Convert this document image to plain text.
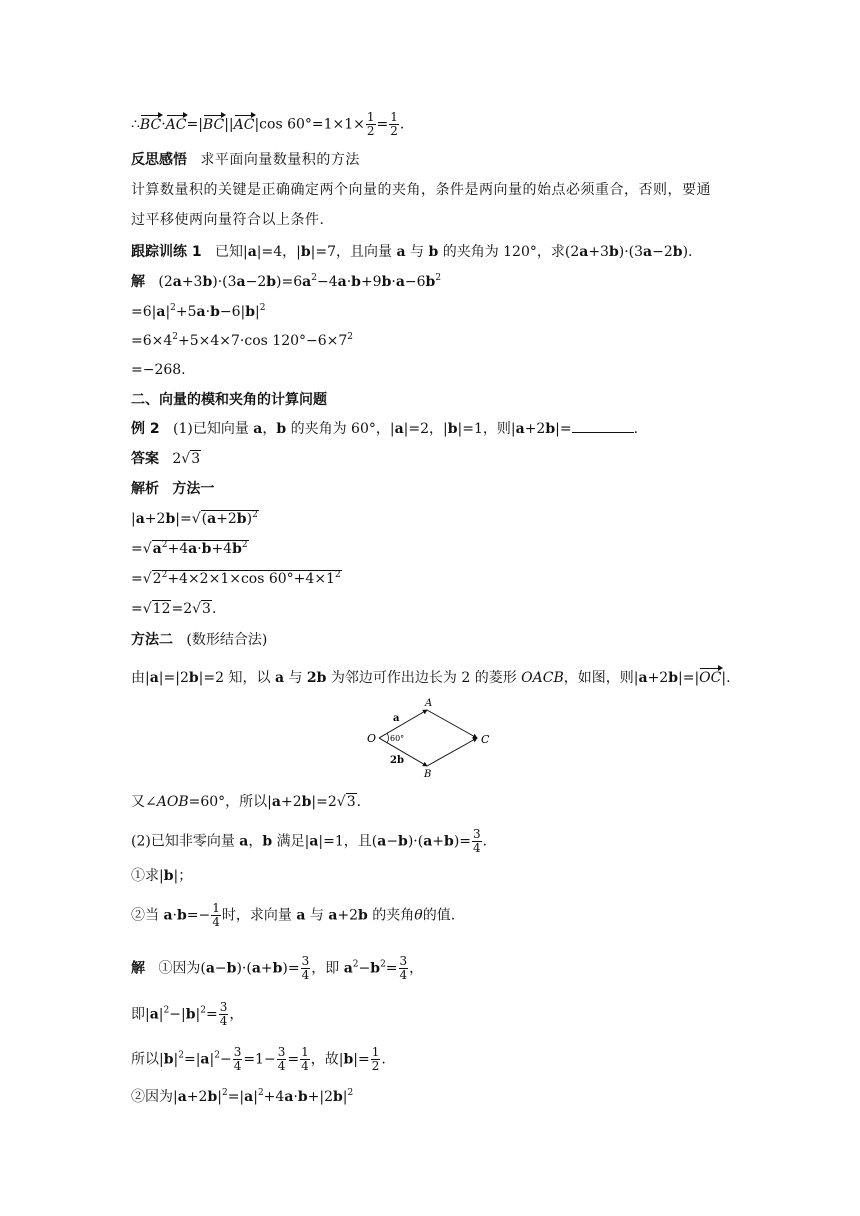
∴BC·AC=|BC||AC|cos $60^\circ=1\times 1\times \frac{1}{2} = \frac{1}{2}$ .
反思感悟 求平面向量数量积的方法
计算数量积的关键是正确确定两个向量的夹角，条件是两向量的始点必须重合，否则，要通
过平移使两向量符合以上条件.
跟踪训练 1 已知|a|=4，|b|=7，且向量 a 与 b 的夹角为 120°，求(2a+3b)·(3a−2b).
解 $(2a+3b)\cdot(3a-2b)=6a^2-4a\cdot b+9b\cdot a-6b^2$
$=6|a|^2+5a\cdot b-6|b|^2$
$=6\times 4^2+5\times 4\times 7\cdot\cos$ $120^\circ-6\times 7^2$
=−268.
二、向量的模和夹角的计算问题
例 2 (1)已知向量 a，b 的夹角为 60°，|a|=2，|b|=1，则|a+2b|=	.
答案 2√3
解析 方法一
$|a+2b|=√(a+2b)^2$
$=√a^2+4a\cdot b+4b^2$
$=√2^2+4\times 2\times 1\times\cos$ $60^\circ+4\times 1^2$
=√12=2√3.
方法二 (数形结合法)
由|a|=|2b|=2 知，以 a 与 2b 为邻边可作出边长为 2 的菱形 OACB，如图，则|a+2b|=|OC|.
O
A
B
C
a
2b
60°
又∠AOB=60°，所以|a+2b|=2√3.
(2)已知非零向量 a，b 满足|a|=1，且$(a-b)\cdot(a+b)= \frac{3}{4}$ .
①求|b|；
②当 $a\cdot b=- \frac{1}{4}$ 时，求向量 a 与 a+2b 的夹角θ的值.
解 ①因为$(a-b)\cdot(a+b)= \frac{3}{4}$ ，即 $a^2-b^2= \frac{3}{4}$ ，
即$|a|^2-|b|^2= \frac{3}{4}$ ，
所以$|b|^2=|a|^2- \frac{3}{4} =1- \frac{3}{4} = \frac{1}{4}$ ，故$|b|= \frac{1}{2}$ .
②因为$|a+2b|^2=|a|^2+4a\cdot b+|2b|^2$
